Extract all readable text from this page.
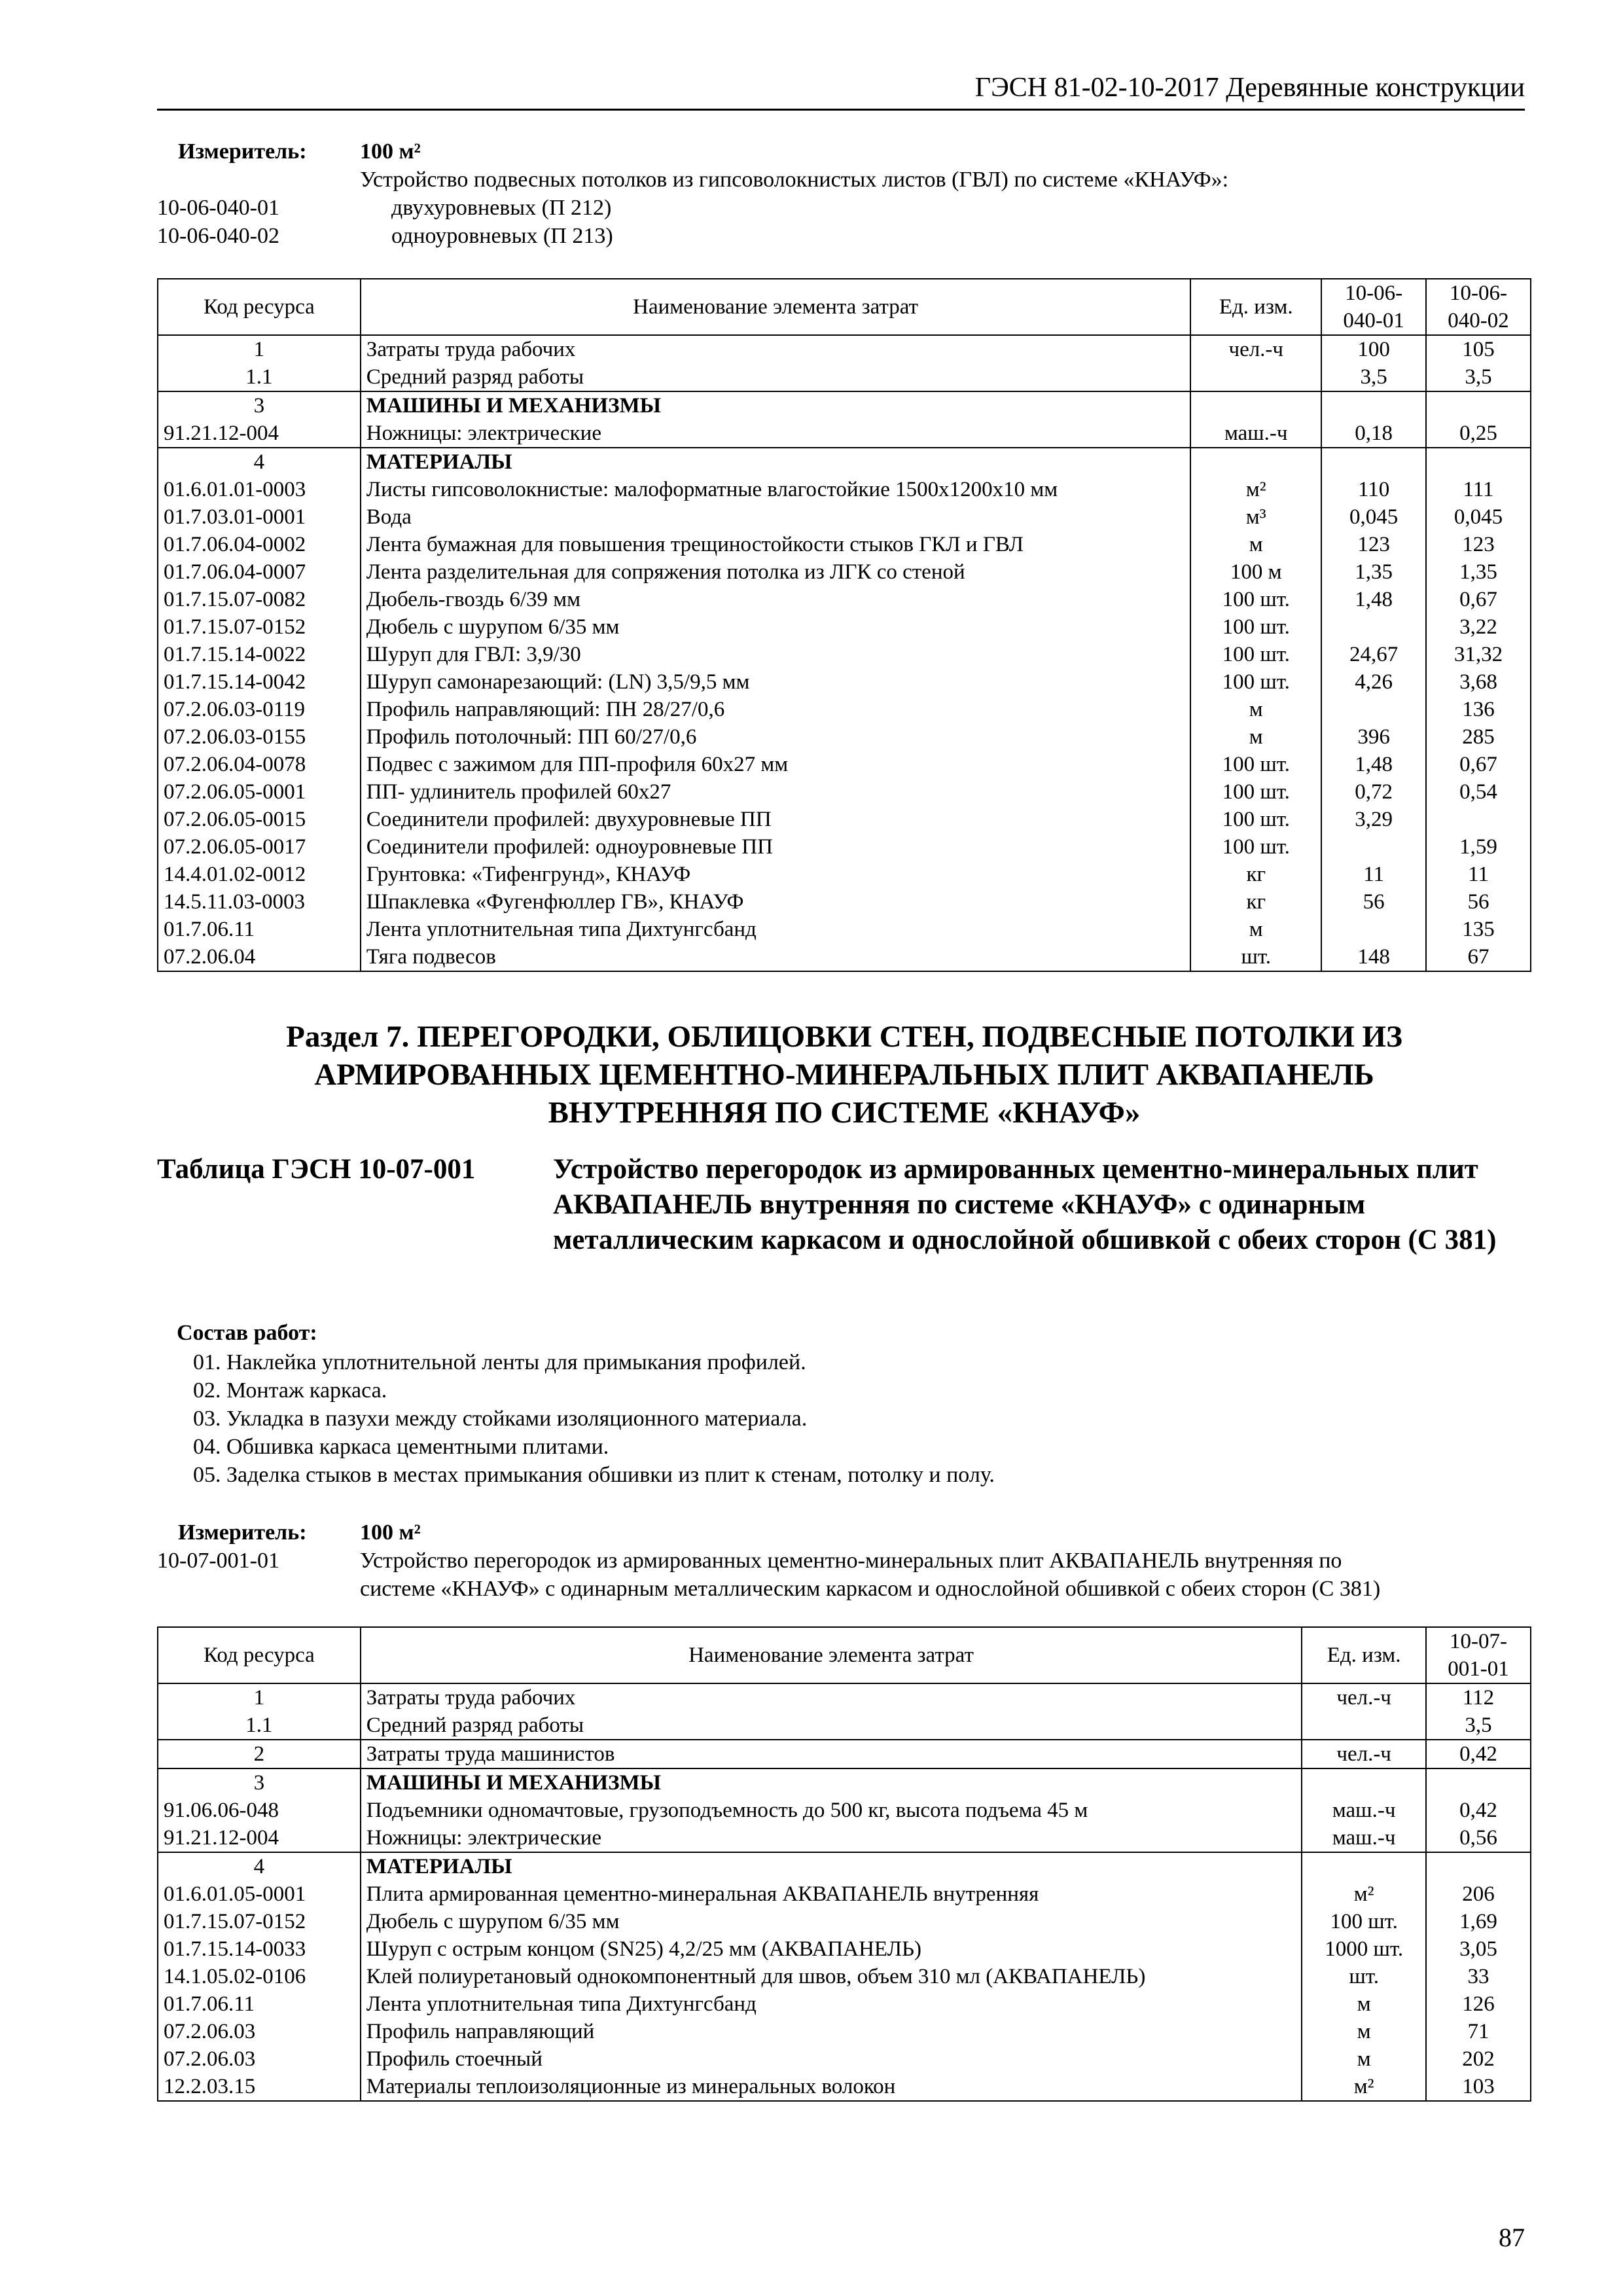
ГЭСН 81-02-10-2017 Деревянные конструкции
Измеритель:	100 м²
Устройство подвесных потолков из гипсоволокнистых листов (ГВЛ) по системе «КНАУФ»:
10-06-040-01	двухуровневых (П 212)
10-06-040-02	одноуровневых (П 213)
Код ресурса	Наименование элемента затрат	Ед. изм.	10-06-040-01	10-06-040-02
1	Затраты труда рабочих	чел.-ч	100	105
1.1	Средний разряд работы		3,5	3,5
3	МАШИНЫ И МЕХАНИЗМЫ			
91.21.12-004	Ножницы: электрические	маш.-ч	0,18	0,25
4	МАТЕРИАЛЫ			
01.6.01.01-0003	Листы гипсоволокнистые: малоформатные влагостойкие 1500х1200х10 мм	м²	110	111
01.7.03.01-0001	Вода	м³	0,045	0,045
01.7.06.04-0002	Лента бумажная для повышения трещиностойкости стыков ГКЛ и ГВЛ	м	123	123
01.7.06.04-0007	Лента разделительная для сопряжения потолка из ЛГК со стеной	100 м	1,35	1,35
01.7.15.07-0082	Дюбель-гвоздь 6/39 мм	100 шт.	1,48	0,67
01.7.15.07-0152	Дюбель с шурупом 6/35 мм	100 шт.		3,22
01.7.15.14-0022	Шуруп для ГВЛ: 3,9/30	100 шт.	24,67	31,32
01.7.15.14-0042	Шуруп самонарезающий: (LN) 3,5/9,5 мм	100 шт.	4,26	3,68
07.2.06.03-0119	Профиль направляющий: ПН 28/27/0,6	м		136
07.2.06.03-0155	Профиль потолочный: ПП 60/27/0,6	м	396	285
07.2.06.04-0078	Подвес с зажимом для ПП-профиля 60х27 мм	100 шт.	1,48	0,67
07.2.06.05-0001	ПП- удлинитель профилей 60х27	100 шт.	0,72	0,54
07.2.06.05-0015	Соединители профилей: двухуровневые ПП	100 шт.	3,29	
07.2.06.05-0017	Соединители профилей: одноуровневые ПП	100 шт.		1,59
14.4.01.02-0012	Грунтовка: «Тифенгрунд», КНАУФ	кг	11	11
14.5.11.03-0003	Шпаклевка «Фугенфюллер ГВ», КНАУФ	кг	56	56
01.7.06.11	Лента уплотнительная типа Дихтунгсбанд	м		135
07.2.06.04	Тяга подвесов	шт.	148	67
Раздел 7. ПЕРЕГОРОДКИ, ОБЛИЦОВКИ СТЕН, ПОДВЕСНЫЕ ПОТОЛКИ ИЗ
АРМИРОВАННЫХ ЦЕМЕНТНО-МИНЕРАЛЬНЫХ ПЛИТ АКВАПАНЕЛЬ
ВНУТРЕННЯЯ ПО СИСТЕМЕ «КНАУФ»
Таблица ГЭСН 10-07-001	Устройство перегородок из армированных цементно-минеральных плит АКВАПАНЕЛЬ внутренняя по системе «КНАУФ» с одинарным металлическим каркасом и однослойной обшивкой с обеих сторон (С 381)
Состав работ:
01. Наклейка уплотнительной ленты для примыкания профилей.
02. Монтаж каркаса.
03. Укладка в пазухи между стойками изоляционного материала.
04. Обшивка каркаса цементными плитами.
05. Заделка стыков в местах примыкания обшивки из плит к стенам, потолку и полу.
Измеритель:	100 м²
10-07-001-01	Устройство перегородок из армированных цементно-минеральных плит АКВАПАНЕЛЬ внутренняя по
системе «КНАУФ» с одинарным металлическим каркасом и однослойной обшивкой с обеих сторон (С 381)
Код ресурса	Наименование элемента затрат	Ед. изм.	10-07-001-01
1	Затраты труда рабочих	чел.-ч	112
1.1	Средний разряд работы		3,5
2	Затраты труда машинистов	чел.-ч	0,42
3	МАШИНЫ И МЕХАНИЗМЫ		
91.06.06-048	Подъемники одномачтовые, грузоподъемность до 500 кг, высота подъема 45 м	маш.-ч	0,42
91.21.12-004	Ножницы: электрические	маш.-ч	0,56
4	МАТЕРИАЛЫ		
01.6.01.05-0001	Плита армированная цементно-минеральная АКВАПАНЕЛЬ внутренняя	м²	206
01.7.15.07-0152	Дюбель с шурупом 6/35 мм	100 шт.	1,69
01.7.15.14-0033	Шуруп с острым концом (SN25) 4,2/25 мм (АКВАПАНЕЛЬ)	1000 шт.	3,05
14.1.05.02-0106	Клей полиуретановый однокомпонентный для швов, объем 310 мл (АКВАПАНЕЛЬ)	шт.	33
01.7.06.11	Лента уплотнительная типа Дихтунгсбанд	м	126
07.2.06.03	Профиль направляющий	м	71
07.2.06.03	Профиль стоечный	м	202
12.2.03.15	Материалы теплоизоляционные из минеральных волокон	м²	103
87
